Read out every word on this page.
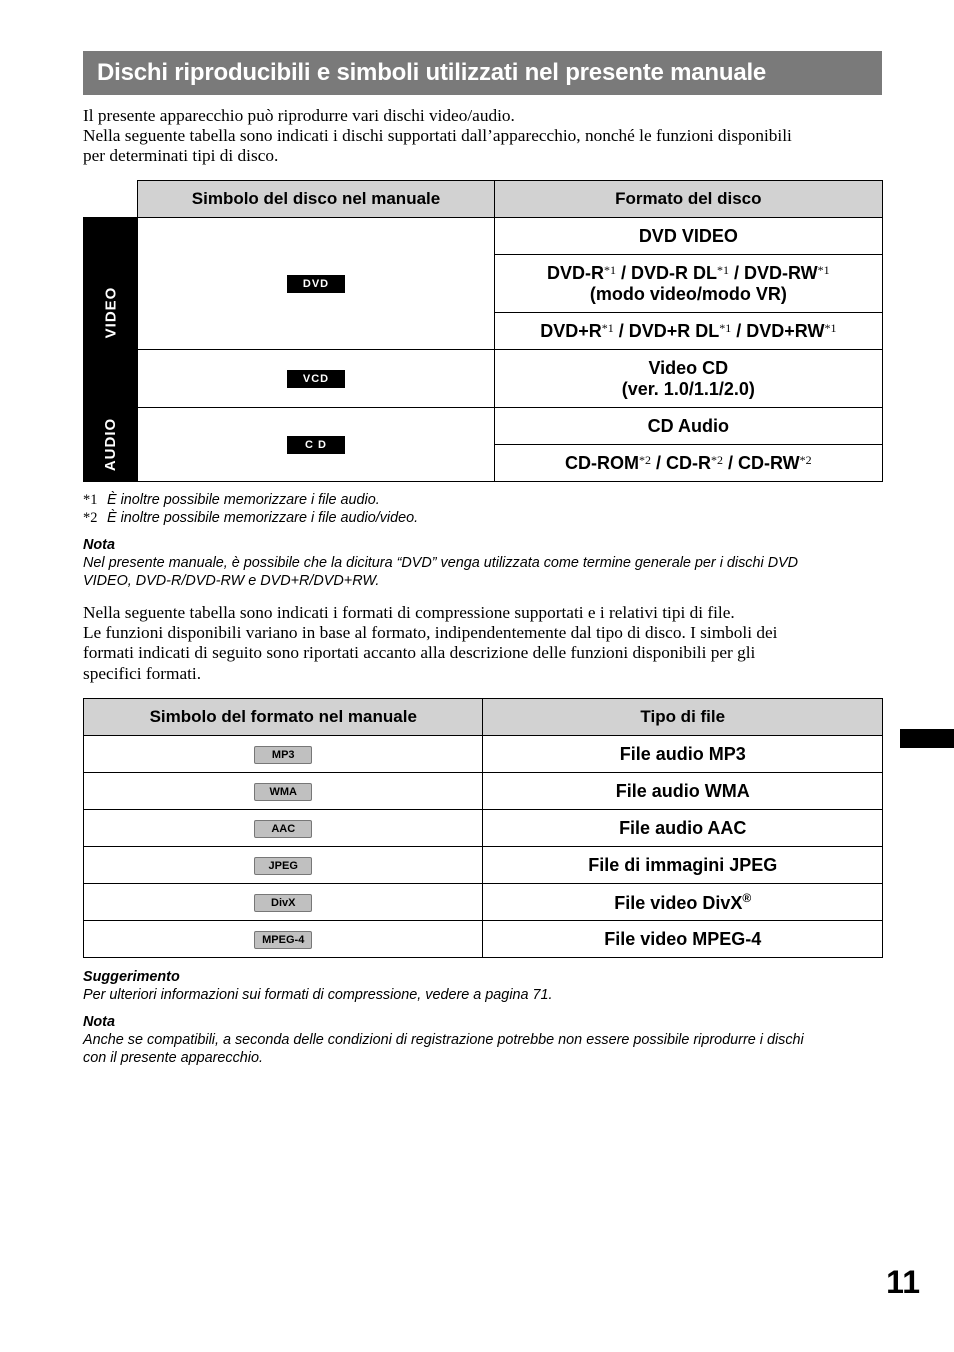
Dischi riproducibili e simboli utilizzati nel presente manuale
Il presente apparecchio può riprodurre vari dischi video/audio.
Nella seguente tabella sono indicati i dischi supportati dall’apparecchio, nonché le funzioni disponibili
per determinati tipi di disco.
	Simbolo del disco nel manuale	Formato del disco
VIDEO	DVD	DVD VIDEO

		DVD-$R^{*1} / DVD-R$ DL$^{*1}$ / DVD-RW$^{*1}$
(modo video/modo VR)

		$DVD+R^{*1} / DVD+R$ $DL^{*1} / DVD+RW^{*1}$
	VCD	Video CD
(ver. 1.0/1.1/2.0)

AUDIO	C D	CD Audio
		$CD-ROM^{*2} / CD-R^{*2} / CD-RW^{*2}$
*1 È inoltre possibile memorizzare i file audio.
*2 È inoltre possibile memorizzare i file audio/video.
Nota
Nel presente manuale, è possibile che la dicitura “DVD” venga utilizzata come termine generale per i dischi DVD
VIDEO, DVD-R/DVD-RW e DVD+R/DVD+RW.
Nella seguente tabella sono indicati i formati di compressione supportati e i relativi tipi di file.
Le funzioni disponibili variano in base al formato, indipendentemente dal tipo di disco. I simboli dei
formati indicati di seguito sono riportati accanto alla descrizione delle funzioni disponibili per gli
specifici formati.
Simbolo del formato nel manuale	Tipo di file
MP3	File audio MP3
WMA	File audio WMA
AAC	File audio AAC
JPEG	File di immagini JPEG
DivX	File video DivX®
MPEG-4	File video MPEG-4
Suggerimento
Per ulteriori informazioni sui formati di compressione, vedere a pagina 71.
Nota
Anche se compatibili, a seconda delle condizioni di registrazione potrebbe non essere possibile riprodurre i dischi
con il presente apparecchio.
11
